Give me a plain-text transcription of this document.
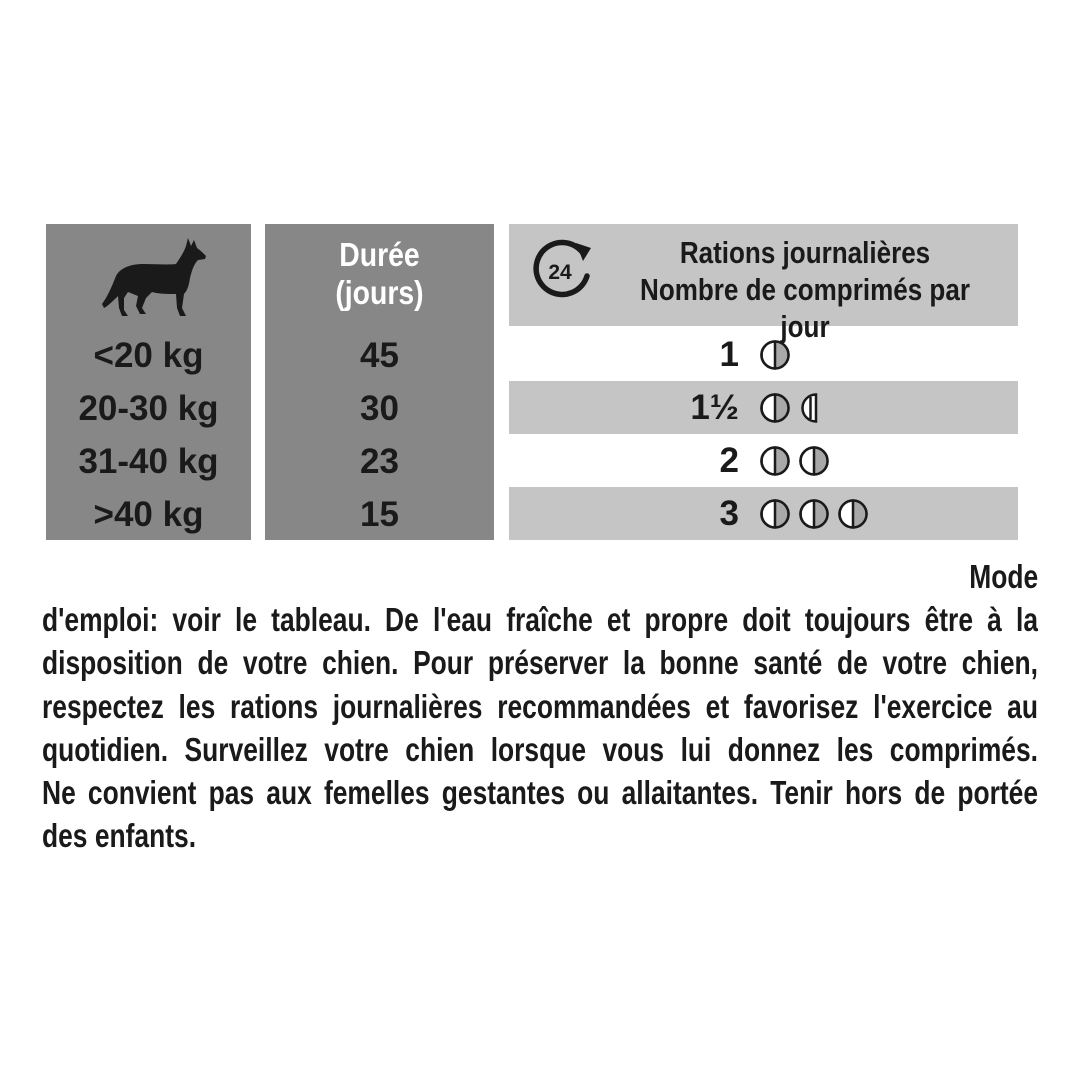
<20 kg
20-30 kg
31-40 kg
>40 kg
Durée
(jours)
45
30
23
15
24
Rations journalières
Nombre de comprimés par jour
1
1½
2
3
Mode
d'emploi: voir le tableau. De l'eau fraîche et propre doit toujours être à la
disposition de votre chien. Pour préserver la bonne santé de votre chien,
respectez les rations journalières recommandées et favorisez l'exercice au
quotidien. Surveillez votre chien lorsque vous lui donnez les comprimés.
Ne convient pas aux femelles gestantes ou allaitantes. Tenir hors de portée
des enfants.
